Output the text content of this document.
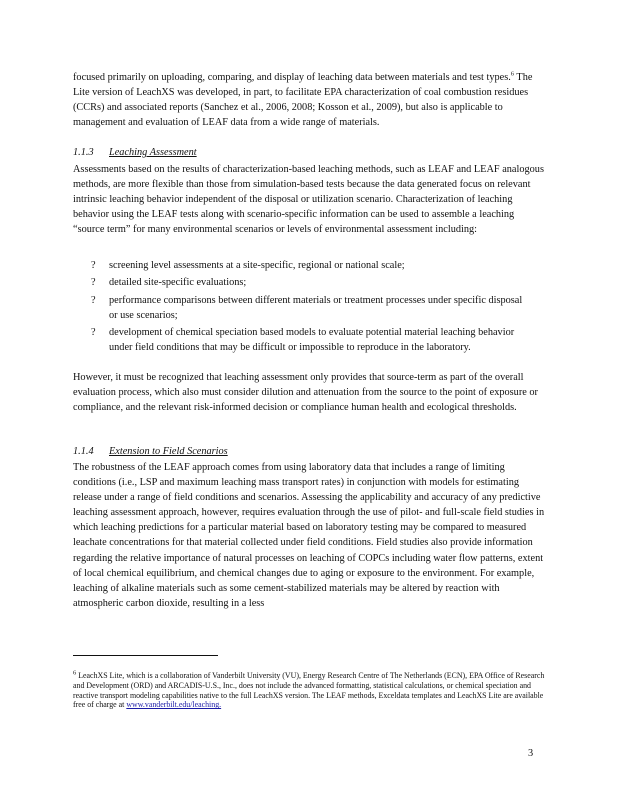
focused primarily on uploading, comparing, and display of leaching data between materials and test types.$^6$ The Lite version of LeachXS was developed, in part, to facilitate EPA characterization of coal combustion residues (CCRs) and associated reports (Sanchez et al., 2006, 2008; Kosson et al., 2009), but also is applicable to management and evaluation of LEAF data from a wide range of materials.

1.1.3 Leaching Assessment

Assessments based on the results of characterization‐based leaching methods, such as LEAF and LEAF analogous methods, are more flexible than those from simulation‐based tests because the data generated focus on relevant intrinsic leaching behavior independent of the disposal or utilization scenario. Characterization of leaching behavior using the LEAF tests along with scenario‐specific information can be used to assemble a leaching “source term” for many environmental scenarios or levels of environmental assessment including:

? screening level assessments at a site‐specific, regional or national scale;
? detailed site‐specific evaluations;
? performance comparisons between different materials or treatment processes under specific disposal or use scenarios;
? development of chemical speciation based models to evaluate potential material leaching behavior under field conditions that may be difficult or impossible to reproduce in the laboratory.

However, it must be recognized that leaching assessment only provides that source‐term as part of the overall evaluation process, which also must consider dilution and attenuation from the source to the point of exposure or compliance, and the relevant risk‐informed decision or compliance human health and ecological thresholds.

1.1.4 Extension to Field Scenarios

The robustness of the LEAF approach comes from using laboratory data that includes a range of limiting conditions (i.e., LSP and maximum leaching mass transport rates) in conjunction with models for estimating release under a range of field conditions and scenarios. Assessing the applicability and accuracy of any predictive leaching assessment approach, however, requires evaluation through the use of pilot‐ and full‐scale field studies in which leaching predictions for a particular material based on laboratory testing may be compared to measured leachate concentrations for that material collected under field conditions. Field studies also provide information regarding the relative importance of natural processes on leaching of COPCs including water flow patterns, extent of local chemical equilibrium, and chemical changes due to aging or exposure to the environment. For example, leaching of alkaline materials such as some cement‐stabilized materials may be altered by reaction with atmospheric carbon dioxide, resulting in a less

$^6$ LeachXS Lite, which is a collaboration of Vanderbilt University (VU), Energy Research Centre of The Netherlands (ECN), EPA Office of Research and Development (ORD) and ARCADIS‐U.S., Inc., does not include the advanced formatting, statistical calculations, or chemical speciation and reactive transport modeling capabilities native to the full LeachXS version. The LEAF methods, Exceldata templates and LeachXS Lite are available free of charge at www.vanderbilt.edu/leaching.

3
